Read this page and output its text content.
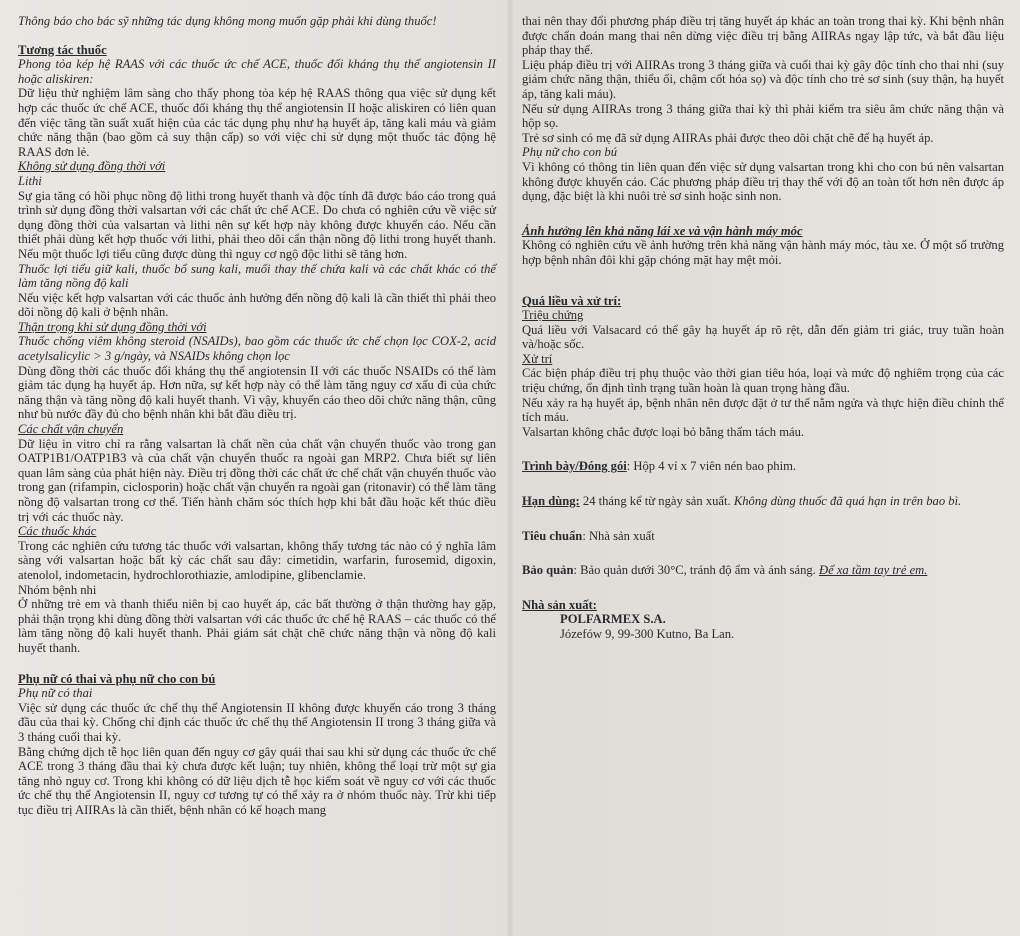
Thông báo cho bác sỹ những tác dụng không mong muốn gặp phải khi dùng thuốc!

Tương tác thuốc

Phong tỏa kép hệ RAAS với các thuốc ức chế ACE, thuốc đối kháng thụ thể angiotensin II hoặc aliskiren:

Dữ liệu thử nghiệm lâm sàng cho thấy phong tỏa kép hệ RAAS thông qua việc sử dụng kết hợp các thuốc ức chế ACE, thuốc đối kháng thụ thể angiotensin II hoặc aliskiren có liên quan đến việc tăng tần suất xuất hiện của các tác dụng phụ như hạ huyết áp, tăng kali máu và giảm chức năng thận (bao gồm cả suy thận cấp) so với việc chỉ sử dụng một thuốc tác động hệ RAAS đơn lẻ.

Không sử dụng đồng thời với

Lithi

Sự gia tăng có hồi phục nồng độ lithi trong huyết thanh và độc tính đã được báo cáo trong quá trình sử dụng đồng thời valsartan với các chất ức chế ACE. Do chưa có nghiên cứu về việc sử dụng đồng thời của valsartan và lithi nên sự kết hợp này không được khuyến cáo. Nếu cần thiết phải dùng kết hợp thuốc với lithi, phải theo dõi cẩn thận nồng độ lithi trong huyết thanh. Nếu một thuốc lợi tiểu cũng được dùng thì nguy cơ ngộ độc lithi sẽ tăng hơn.

Thuốc lợi tiểu giữ kali, thuốc bổ sung kali, muối thay thế chứa kali và các chất khác có thể làm tăng nồng độ kali

Nếu việc kết hợp valsartan với các thuốc ảnh hưởng đến nồng độ kali là cần thiết thì phải theo dõi nồng độ kali ở bệnh nhân.

Thận trọng khi sử dụng đồng thời với

Thuốc chống viêm không steroid (NSAIDs), bao gồm các thuốc ức chế chọn lọc COX-2, acid acetylsalicylic > 3 g/ngày, và NSAIDs không chọn lọc

Dùng đồng thời các thuốc đối kháng thụ thể angiotensin II với các thuốc NSAIDs có thể làm giảm tác dụng hạ huyết áp. Hơn nữa, sự kết hợp này có thể làm tăng nguy cơ xấu đi của chức năng thận và tăng nồng độ kali huyết thanh. Vì vậy, khuyến cáo theo dõi chức năng thận, cũng như bù nước đầy đủ cho bệnh nhân khi bắt đầu điều trị.

Các chất vận chuyển

Dữ liệu in vitro chỉ ra rằng valsartan là chất nền của chất vận chuyển thuốc vào trong gan OATP1B1/OATP1B3 và của chất vận chuyển thuốc ra ngoài gan MRP2. Chưa biết sự liên quan lâm sàng của phát hiện này. Điều trị đồng thời các chất ức chế chất vận chuyển thuốc vào trong gan (rifampin, ciclosporin) hoặc chất vận chuyển ra ngoài gan (ritonavir) có thể làm tăng nồng độ valsartan trong cơ thể. Tiến hành chăm sóc thích hợp khi bắt đầu hoặc kết thúc điều trị với các thuốc này.

Các thuốc khác

Trong các nghiên cứu tương tác thuốc với valsartan, không thấy tương tác nào có ý nghĩa lâm sàng với valsartan hoặc bất kỳ các chất sau đây: cimetidin, warfarin, furosemid, digoxin, atenolol, indometacin, hydrochlorothiazie, amlodipine, glibenclamie.

Nhóm bệnh nhi

Ở những trẻ em và thanh thiếu niên bị cao huyết áp, các bất thường ở thận thường hay gặp, phải thận trọng khi dùng đồng thời valsartan với các thuốc ức chế hệ RAAS – các thuốc có thể làm tăng nồng độ kali huyết thanh. Phải giám sát chặt chẽ chức năng thận và nồng độ kali huyết thanh.

Phụ nữ có thai và phụ nữ cho con bú

Phụ nữ có thai

Việc sử dụng các thuốc ức chế thụ thể Angiotensin II không được khuyến cáo trong 3 tháng đầu của thai kỳ. Chống chỉ định các thuốc ức chế thụ thể Angiotensin II trong 3 tháng giữa và 3 tháng cuối thai kỳ.

Bằng chứng dịch tễ học liên quan đến nguy cơ gây quái thai sau khi sử dụng các thuốc ức chế ACE trong 3 tháng đầu thai kỳ chưa được kết luận; tuy nhiên, không thể loại trừ một sự gia tăng nhỏ nguy cơ. Trong khi không có dữ liệu dịch tễ học kiểm soát về nguy cơ với các thuốc ức chế thụ thể Angiotensin II, nguy cơ tương tự có thể xảy ra ở nhóm thuốc này. Trừ khi tiếp tục điều trị AIIRAs là cần thiết, bệnh nhân có kế hoạch mang

thai nên thay đổi phương pháp điều trị tăng huyết áp khác an toàn trong thai kỳ. Khi bệnh nhân được chẩn đoán mang thai nên dừng việc điều trị bằng AIIRAs ngay lập tức, và bắt đầu liệu pháp thay thế.

Liệu pháp điều trị với AIIRAs trong 3 tháng giữa và cuối thai kỳ gây độc tính cho thai nhi (suy giảm chức năng thận, thiểu ối, chậm cốt hóa sọ) và độc tính cho trẻ sơ sinh (suy thận, hạ huyết áp, tăng kali máu).

Nếu sử dụng AIIRAs trong 3 tháng giữa thai kỳ thì phải kiểm tra siêu âm chức năng thận và hộp sọ.

Trẻ sơ sinh có mẹ đã sử dụng AIIRAs phải được theo dõi chặt chẽ để hạ huyết áp.

Phụ nữ cho con bú

Vì không có thông tin liên quan đến việc sử dụng valsartan trong khi cho con bú nên valsartan không được khuyến cáo. Các phương pháp điều trị thay thế với độ an toàn tốt hơn nên được áp dụng, đặc biệt là khi nuôi trẻ sơ sinh hoặc sinh non.

Ảnh hưởng lên khả năng lái xe và vận hành máy móc

Không có nghiên cứu về ảnh hưởng trên khả năng vận hành máy móc, tàu xe. Ở một số trường hợp bệnh nhân đôi khi gặp chóng mặt hay mệt mỏi.

Quá liều và xử trí:

Triệu chứng

Quá liều với Valsacard có thể gây hạ huyết áp rõ rệt, dẫn đến giảm tri giác, truy tuần hoàn và/hoặc sốc.

Xử trí

Các biện pháp điều trị phụ thuộc vào thời gian tiêu hóa, loại và mức độ nghiêm trọng của các triệu chứng, ổn định tình trạng tuần hoàn là quan trọng hàng đầu.

Nếu xảy ra hạ huyết áp, bệnh nhân nên được đặt ở tư thế nằm ngửa và thực hiện điều chỉnh thể tích máu.

Valsartan không chắc được loại bỏ bằng thẩm tách máu.

Trình bày/Đóng gói: Hộp 4 vỉ x 7 viên nén bao phim.
Hạn dùng: 24 tháng kể từ ngày sản xuất. Không dùng thuốc đã quá hạn in trên bao bì.
Tiêu chuẩn: Nhà sản xuất
Bảo quản: Bảo quản dưới 30°C, tránh độ ẩm và ánh sáng. Để xa tầm tay trẻ em.

Nhà sản xuất:

POLFARMEX S.A.

Józefów 9, 99-300 Kutno, Ba Lan.
